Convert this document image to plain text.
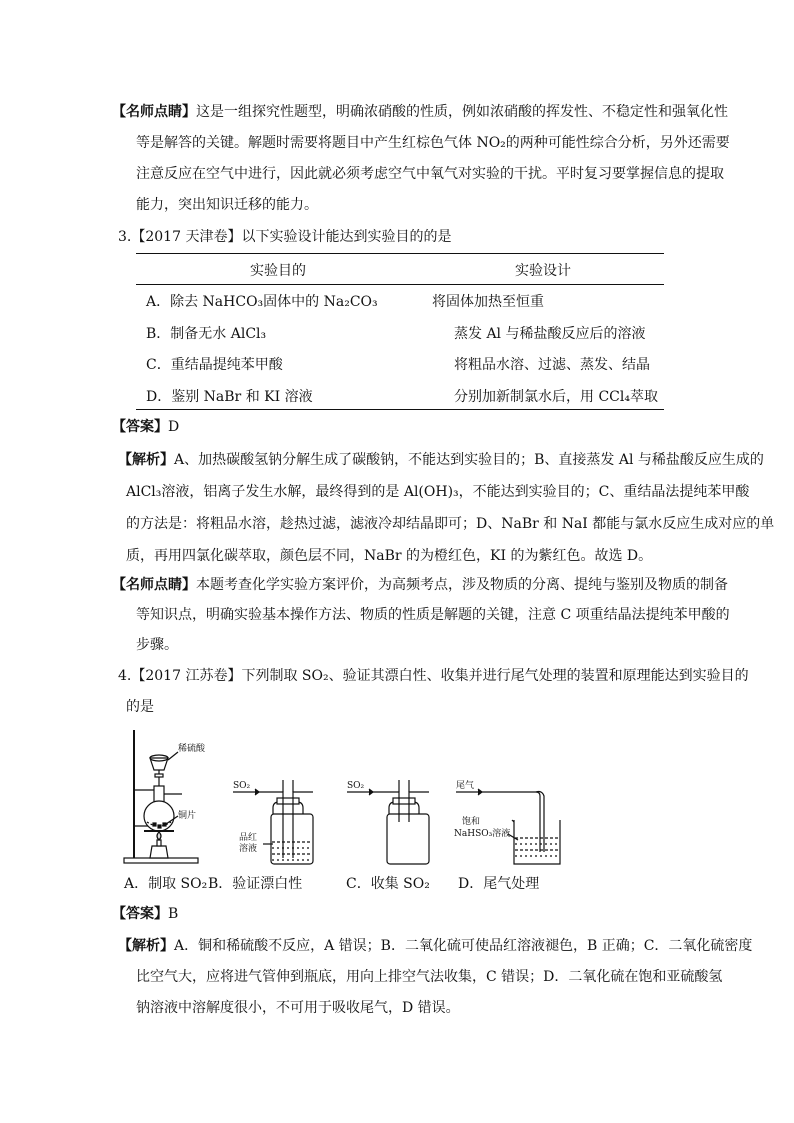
【名师点睛】这是一组探究性题型，明确浓硝酸的性质，例如浓硝酸的挥发性、不稳定性和强氧化性
等是解答的关键。解题时需要将题目中产生红棕色气体 NO₂的两种可能性综合分析，另外还需要
注意反应在空气中进行，因此就必须考虑空气中氧气对实验的干扰。平时复习要掌握信息的提取
能力，突出知识迁移的能力。
3.【2017 天津卷】以下实验设计能达到实验目的的是
实验目的	实验设计
A．除去 NaHCO₃固体中的 Na₂CO₃	将固体加热至恒重
B．制备无水 AlCl₃	蒸发 Al 与稀盐酸反应后的溶液
C．重结晶提纯苯甲酸	将粗品水溶、过滤、蒸发、结晶
D．鉴别 NaBr 和 KI 溶液	分别加新制氯水后，用 CCl₄萃取
【答案】D
【解析】A、加热碳酸氢钠分解生成了碳酸钠，不能达到实验目的；B、直接蒸发 Al 与稀盐酸反应生成的
AlCl₃溶液，铝离子发生水解，最终得到的是 Al(OH)₃，不能达到实验目的；C、重结晶法提纯苯甲酸
的方法是：将粗品水溶，趁热过滤，滤液冷却结晶即可；D、NaBr 和 NaI 都能与氯水反应生成对应的单
质，再用四氯化碳萃取，颜色层不同，NaBr 的为橙红色，KI 的为紫红色。故选 D。
【名师点睛】本题考查化学实验方案评价，为高频考点，涉及物质的分离、提纯与鉴别及物质的制备
等知识点，明确实验基本操作方法、物质的性质是解题的关键，注意 C 项重结晶法提纯苯甲酸的
步骤。
4.【2017 江苏卷】下列制取 SO₂、验证其漂白性、收集并进行尾气处理的装置和原理能达到实验目的
的是
稀硫酸
铜片
SO₂
品红
溶液
SO₂	尾气
饱和
NaHSO₃溶液
A．制取 SO₂ B．验证漂白性	C．收集 SO₂ D．尾气处理
【答案】B
【解析】A．铜和稀硫酸不反应，A 错误；B．二氧化硫可使品红溶液褪色，B 正确；C．二氧化硫密度
比空气大，应将进气管伸到瓶底，用向上排空气法收集，C 错误；D．二氧化硫在饱和亚硫酸氢
钠溶液中溶解度很小，不可用于吸收尾气，D 错误。
